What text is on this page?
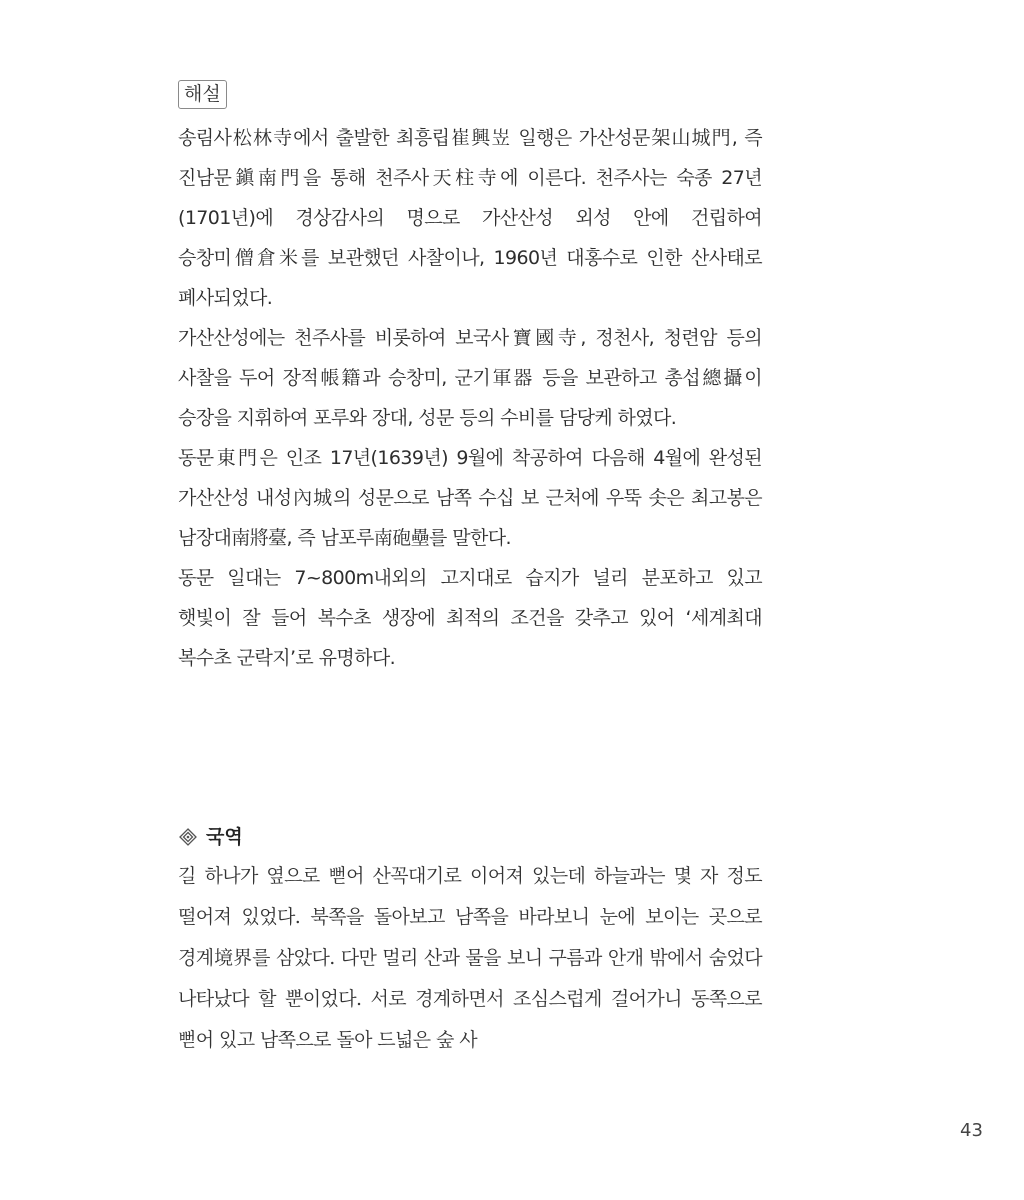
해설

송림사松林寺에서 출발한 최흥립崔興岦 일행은 가산성문架山城門, 즉 진남문鎭南門을 통해 천주사天柱寺에 이른다. 천주사는 숙종 27년(1701년)에 경상감사의 명으로 가산산성 외성 안에 건립하여 승창미僧倉米를 보관했던 사찰이나, 1960년 대홍수로 인한 산사태로 폐사되었다.

가산산성에는 천주사를 비롯하여 보국사寶國寺, 정천사, 청련암 등의 사찰을 두어 장적帳籍과 승창미, 군기軍器 등을 보관하고 총섭總攝이 승장을 지휘하여 포루와 장대, 성문 등의 수비를 담당케 하였다.

동문東門은 인조 17년(1639년) 9월에 착공하여 다음해 4월에 완성된 가산산성 내성內城의 성문으로 남쪽 수십 보 근처에 우뚝 솟은 최고봉은 남장대南將臺, 즉 남포루南砲壘를 말한다.

동문 일대는 7~800m내외의 고지대로 습지가 널리 분포하고 있고 햇빛이 잘 들어 복수초 생장에 최적의 조건을 갖추고 있어 ‘세계최대 복수초 군락지’로 유명하다.

국역

길 하나가 옆으로 뻗어 산꼭대기로 이어져 있는데 하늘과는 몇 자 정도 떨어져 있었다. 북쪽을 돌아보고 남쪽을 바라보니 눈에 보이는 곳으로 경계境界를 삼았다. 다만 멀리 산과 물을 보니 구름과 안개 밖에서 숨었다 나타났다 할 뿐이었다. 서로 경계하면서 조심스럽게 걸어가니 동쪽으로 뻗어 있고 남쪽으로 돌아 드넓은 숲 사

43
